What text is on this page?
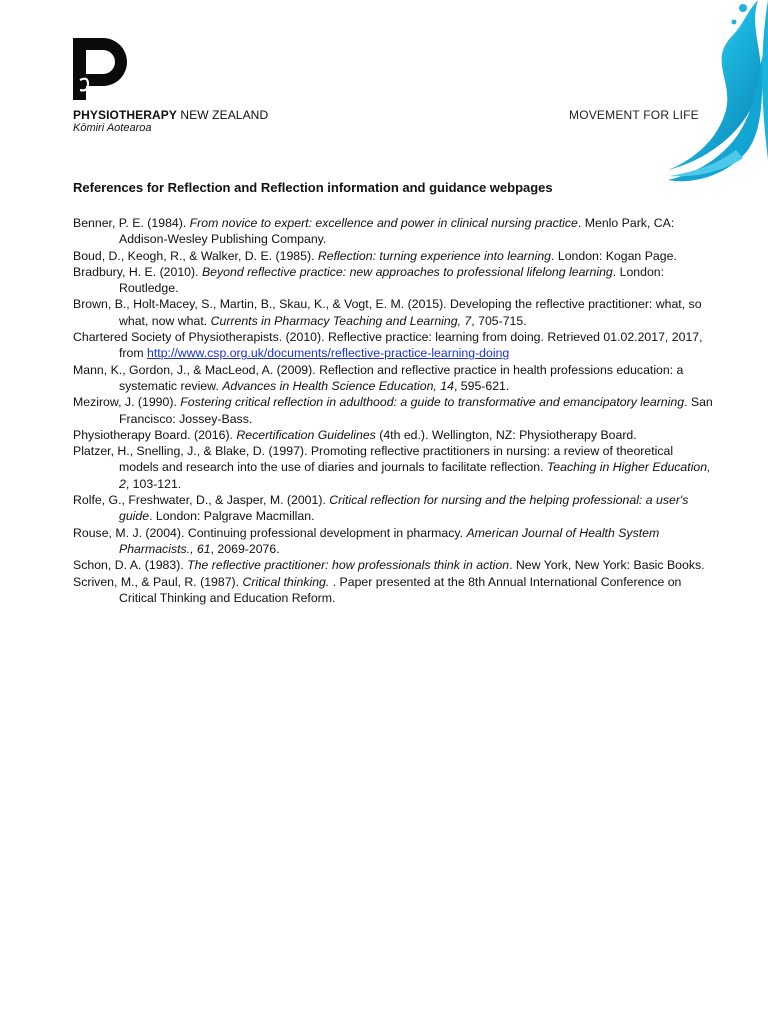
PHYSIOTHERAPY NEW ZEALAND
Kōmiri Aotearoa
MOVEMENT FOR LIFE
References for Reflection and Reflection information and guidance webpages

Benner, P. E. (1984). From novice to expert: excellence and power in clinical nursing practice. Menlo Park, CA: Addison-Wesley Publishing Company.

Boud, D., Keogh, R., & Walker, D. E. (1985). Reflection: turning experience into learning. London: Kogan Page.

Bradbury, H. E. (2010). Beyond reflective practice: new approaches to professional lifelong learning. London: Routledge.

Brown, B., Holt-Macey, S., Martin, B., Skau, K., & Vogt, E. M. (2015). Developing the reflective practitioner: what, so what, now what. Currents in Pharmacy Teaching and Learning, 7, 705-715.

Chartered Society of Physiotherapists. (2010). Reflective practice: learning from doing. Retrieved 01.02.2017, 2017, from http://www.csp.org.uk/documents/reflective-practice-learning-doing

Mann, K., Gordon, J., & MacLeod, A. (2009). Reflection and reflective practice in health professions education: a systematic review. Advances in Health Science Education, 14, 595-621.

Mezirow, J. (1990). Fostering critical reflection in adulthood: a guide to transformative and emancipatory learning. San Francisco: Jossey-Bass.

Physiotherapy Board. (2016). Recertification Guidelines (4th ed.). Wellington, NZ: Physiotherapy Board.

Platzer, H., Snelling, J., & Blake, D. (1997). Promoting reflective practitioners in nursing: a review of theoretical models and research into the use of diaries and journals to facilitate reflection. Teaching in Higher Education, 2, 103-121.

Rolfe, G., Freshwater, D., & Jasper, M. (2001). Critical reflection for nursing and the helping professional: a user's guide. London: Palgrave Macmillan.

Rouse, M. J. (2004). Continuing professional development in pharmacy. American Journal of Health System Pharmacists., 61, 2069-2076.

Schon, D. A. (1983). The reflective practitioner: how professionals think in action. New York, New York: Basic Books.

Scriven, M., & Paul, R. (1987). Critical thinking. . Paper presented at the 8th Annual International Conference on Critical Thinking and Education Reform.
